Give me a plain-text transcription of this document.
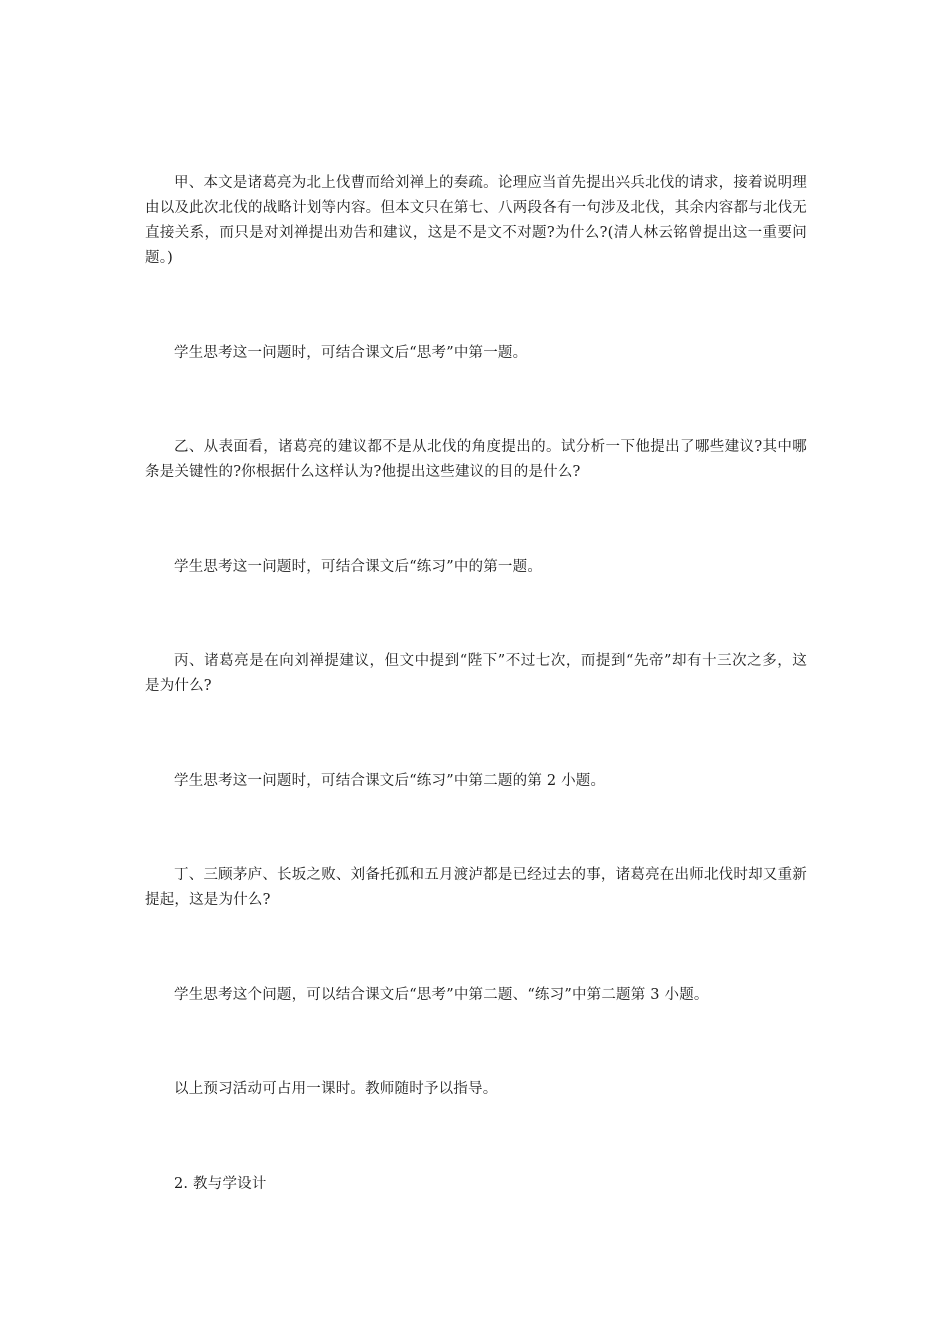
甲、本文是诸葛亮为北上伐曹而给刘禅上的奏疏。论理应当首先提出兴兵北伐的请求，接着说明理由以及此次北伐的战略计划等内容。但本文只在第七、八两段各有一句涉及北伐，其余内容都与北伐无直接关系，而只是对刘禅提出劝告和建议，这是不是文不对题?为什么?(清人林云铭曾提出这一重要问题。)

学生思考这一问题时，可结合课文后“思考”中第一题。

乙、从表面看，诸葛亮的建议都不是从北伐的角度提出的。试分析一下他提出了哪些建议?其中哪条是关键性的?你根据什么这样认为?他提出这些建议的目的是什么?

学生思考这一问题时，可结合课文后“练习”中的第一题。

丙、诸葛亮是在向刘禅提建议，但文中提到“陛下”不过七次，而提到“先帝”却有十三次之多，这是为什么?

学生思考这一问题时，可结合课文后“练习”中第二题的第 2 小题。

丁、三顾茅庐、长坂之败、刘备托孤和五月渡泸都是已经过去的事，诸葛亮在出师北伐时却又重新提起，这是为什么?

学生思考这个问题，可以结合课文后“思考”中第二题、“练习”中第二题第 3 小题。

以上预习活动可占用一课时。教师随时予以指导。

2. 教与学设计
